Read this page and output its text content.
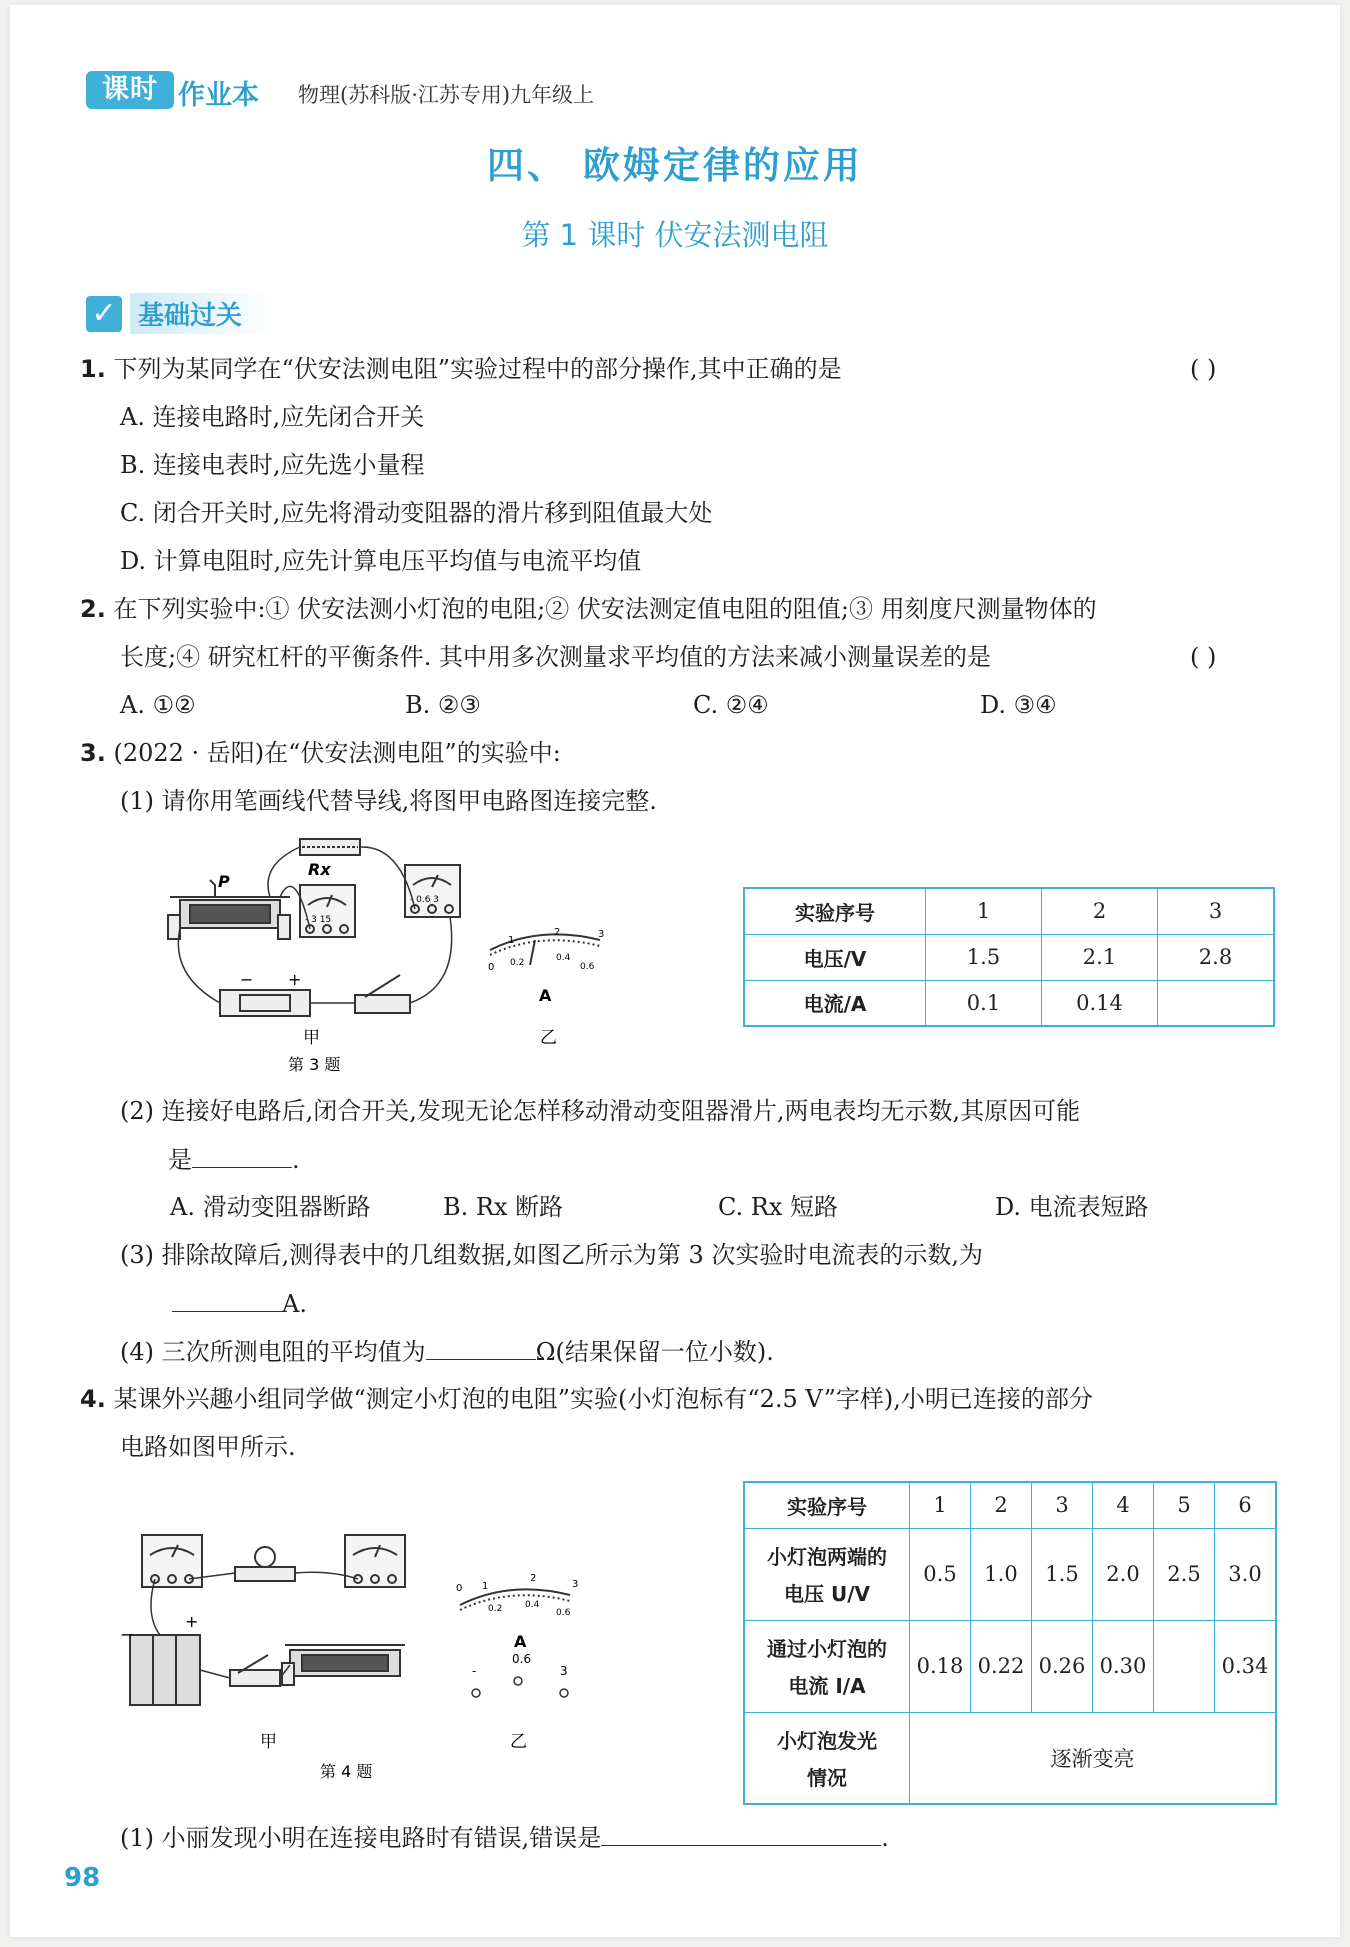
课时 作业本 物理(苏科版·江苏专用)九年级上
四、 欧姆定律的应用
第 1 课时 伏安法测电阻
✓ 基础过关
1. 下列为某同学在“伏安法测电阻”实验过程中的部分操作,其中正确的是	( )
A. 连接电路时,应先闭合开关
B. 连接电表时,应先选小量程
C. 闭合开关时,应先将滑动变阻器的滑片移到阻值最大处
D. 计算电阻时,应先计算电压平均值与电流平均值
2. 在下列实验中:① 伏安法测小灯泡的电阻;② 伏安法测定值电阻的阻值;③ 用刻度尺测量物体的
长度;④ 研究杠杆的平衡条件. 其中用多次测量求平均值的方法来减小测量误差的是	( )
A. ①②	B. ②③	C. ②④	D. ③④
3. (2022 · 岳阳)在“伏安法测电阻”的实验中:
(1) 请你用笔画线代替导线,将图甲电路图连接完整.
P
Rx
- 3 15
- 0.6 3
− +
甲
第 3 题
0
1
2	3
0.2	0.4
0.6
A
乙
实验序号	1	2	3
电压/V	1.5	2.1	2.8
电流/A	0.1	0.14	
(2) 连接好电路后,闭合开关,发现无论怎样移动滑动变阻器滑片,两电表均无示数,其原因可能
是	.
A. 滑动变阻器断路	B. Rx 断路	C. Rx 短路	D. 电流表短路
(3) 排除故障后,测得表中的几组数据,如图乙所示为第 3 次实验时电流表的示数,为
A.
(4) 三次所测电阻的平均值为	Ω(结果保留一位小数).
4. 某课外兴趣小组同学做“测定小灯泡的电阻”实验(小灯泡标有“2.5 V”字样),小明已连接的部分
电路如图甲所示.
−
+
甲
第 4 题
0 1
2
3
0.2	0.4
0.6
A
-
0.6
3
乙
实验序号	1	2	3	4	5	6

小灯泡两端的
电压 U/V	0.5	1.0	1.5	2.0	2.5	3.0

通过小灯泡的
电流 I/A	0.18	0.22	0.26	0.30		0.34

小灯泡发光
情况	逐渐变亮					
(1) 小丽发现小明在连接电路时有错误,错误是	.
98
